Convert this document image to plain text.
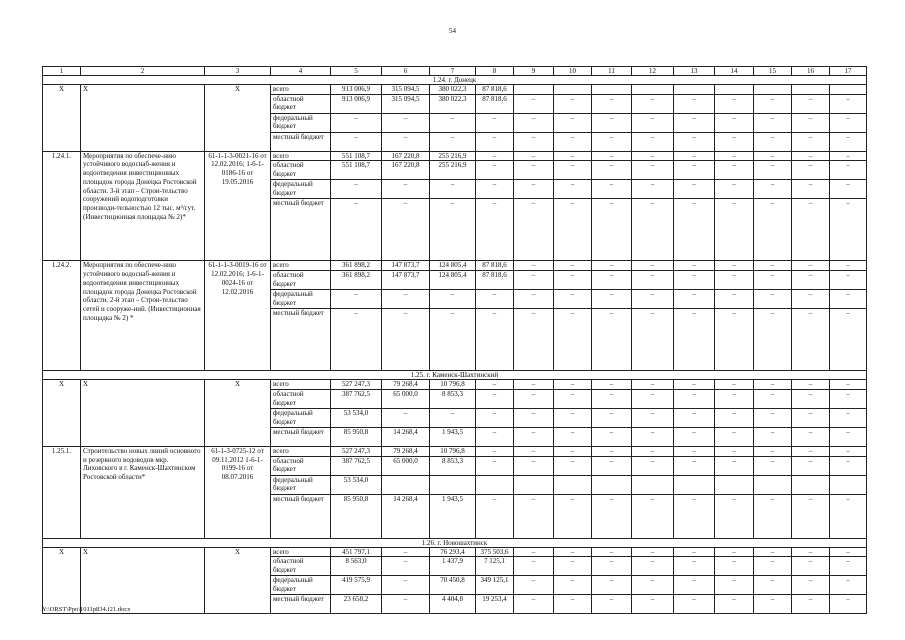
54
1	2	3	4	5	6	7	8	9	10	11	12	13	14	15	16	17
1.24. г. Донецк																
Х	Х	Х	всего	913 006,9	315 094,5	380 022,3	87 818,6									
			областной бюджет	913 006,9	315 094,5	380 022,3	87 818,6	–	–	–	–	–	–	–	–	–
			федеральный бюджет	–	–	–	–	–	–	–	–	–	–	–	–	–
			местный бюджет	–	–	–	–	–	–	–	–	–	–	–	–	–
1.24.1.	Мероприятия по обеспече-нию устойчивого водоснаб-жения и водоотведения инвестиционных площадок города Донецка Ростовской области. 3-й этап – Строи-тельство сооружений водоподготовки производи-тельностью 12 тыс. м³/сут. (Инвестиционная площадка № 2)*	61-1-1-3-0021-16 от 12.02.2016; 1-6-1-0186-16 от 19.05.2016	всего	551 108,7	167 220,8	255 216,9	–	–	–	–	–	–	–	–	–	–
			областной бюджет	551 108,7	167 220,8	255 216,9	–	–	–	–	–	–	–	–	–	–
			федеральный бюджет	–	–	–	–	–	–	–	–	–	–	–	–	–
			местный бюджет	–	–	–	–	–	–	–	–	–	–	–	–	–
1.24.2.	Мероприятия по обеспече-нию устойчивого водоснаб-жения и водоотведения инвестиционных площадок города Донецка Ростовской области. 2-й этап – Строи-тельство сетей и сооруже-ний. (Инвестиционная площадка № 2) *	61-1-1-3-0019-16 от 12.02.2016; 1-6-1-0024-16 от 12.02.2016	всего	361 898,2	147 873,7	124 805,4	87 818,6	–	–	–	–	–	–	–	–	–
			областной бюджет	361 898,2	147 873,7	124 805,4	87 818,6	–	–	–	–	–	–	–	–	–
			федеральный бюджет	–	–	–	–	–	–	–	–	–	–	–	–	–
			местный бюджет	–	–	–	–	–	–	–	–	–	–	–	–	–
1.25. г. Каменск-Шахтинский																
Х	Х	Х	всего	527 247,3	79 268,4	10 796,8	–	–	–	–	–	–	–	–	–	–
			областной бюджет	387 762,5	65 000,0	8 853,3	–	–	–	–	–	–	–	–	–	–
			федеральный бюджет	53 534,0	–	–	–	–	–	–	–	–	–	–	–	–
			местный бюджет	85 950,8	14 268,4	1 943,5	–	–	–	–	–	–	–	–	–	–
1.25.1.	Строительство новых линий основного и резервного водоводов мкр. Лиховского в г. Каменск-Шахтинском Ростовской области*	61-1-3-0725-12 от 09.11.2012 1-6-1-0199-16 от 08.07.2016	всего	527 247,3	79 268,4	10 796,8	–	–	–	–	–	–	–	–	–	–
			областной бюджет	387 762,5	65 000,0	8 853,3	–	–	–	–	–	–	–	–	–	–
			федеральный бюджет	53 534,0												
			местный бюджет	85 950,8	14 268,4	1 943,5	–	–	–	–	–	–	–	–	–	–
1.26. г. Новошахтинск																
Х	Х	Х	всего	451 797,1	–	76 293,4	375 503,6	–	–	–	–	–	–	–	–	–
			областной бюджет	8 563,0	–	1 437,9	7 125,1	–	–	–	–	–	–	–	–	–
			федеральный бюджет	419 575,9	–	70 450,8	349 125,1	–	–	–	–	–	–	–	–	–
			местный бюджет	23 658,2	–	4 404,8	19 253,4	–	–	–	–	–	–	–	–	–
Y:\ORST\Ppo\1011p834.f21.docx
